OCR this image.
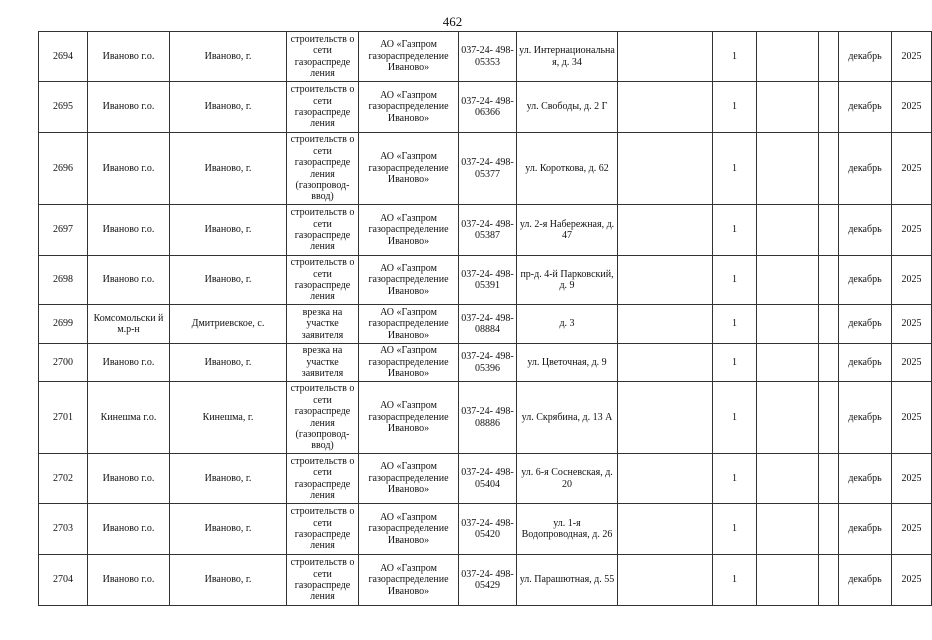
462
2694	Иваново г.о.	Иваново, г.	строительств о сети газораспреде ления	АО «Газпром газораспределение Иваново»	037-24- 498-05353	ул. Интернациональна я, д. 34		1			декабрь	2025
2695	Иваново г.о.	Иваново, г.	строительств о сети газораспреде ления	АО «Газпром газораспределение Иваново»	037-24- 498-06366	ул. Свободы, д. 2 Г		1			декабрь	2025
2696	Иваново г.о.	Иваново, г.	строительств о сети газораспреде ления (газопровод- ввод)	АО «Газпром газораспределение Иваново»	037-24- 498-05377	ул. Короткова, д. 62		1			декабрь	2025
2697	Иваново г.о.	Иваново, г.	строительств о сети газораспреде ления	АО «Газпром газораспределение Иваново»	037-24- 498-05387	ул. 2-я Набережная, д. 47		1			декабрь	2025
2698	Иваново г.о.	Иваново, г.	строительств о сети газораспреде ления	АО «Газпром газораспределение Иваново»	037-24- 498-05391	пр-д. 4-й Парковский, д. 9		1			декабрь	2025
2699	Комсомольски й м.р-н	Дмитриевское, с.	врезка на участке заявителя	АО «Газпром газораспределение Иваново»	037-24- 498-08884	д. 3		1			декабрь	2025
2700	Иваново г.о.	Иваново, г.	врезка на участке заявителя	АО «Газпром газораспределение Иваново»	037-24- 498-05396	ул. Цветочная, д. 9		1			декабрь	2025
2701	Кинешма г.о.	Кинешма, г.	строительств о сети газораспреде ления (газопровод- ввод)	АО «Газпром газораспределение Иваново»	037-24- 498-08886	ул. Скрябина, д. 13 А		1			декабрь	2025
2702	Иваново г.о.	Иваново, г.	строительств о сети газораспреде ления	АО «Газпром газораспределение Иваново»	037-24- 498-05404	ул. 6-я Сосневская, д. 20		1			декабрь	2025
2703	Иваново г.о.	Иваново, г.	строительств о сети газораспреде ления	АО «Газпром газораспределение Иваново»	037-24- 498-05420	ул. 1-я Водопроводная, д. 26		1			декабрь	2025
2704	Иваново г.о.	Иваново, г.	строительств о сети газораспреде ления	АО «Газпром газораспределение Иваново»	037-24- 498-05429	ул. Парашютная, д. 55		1			декабрь	2025
